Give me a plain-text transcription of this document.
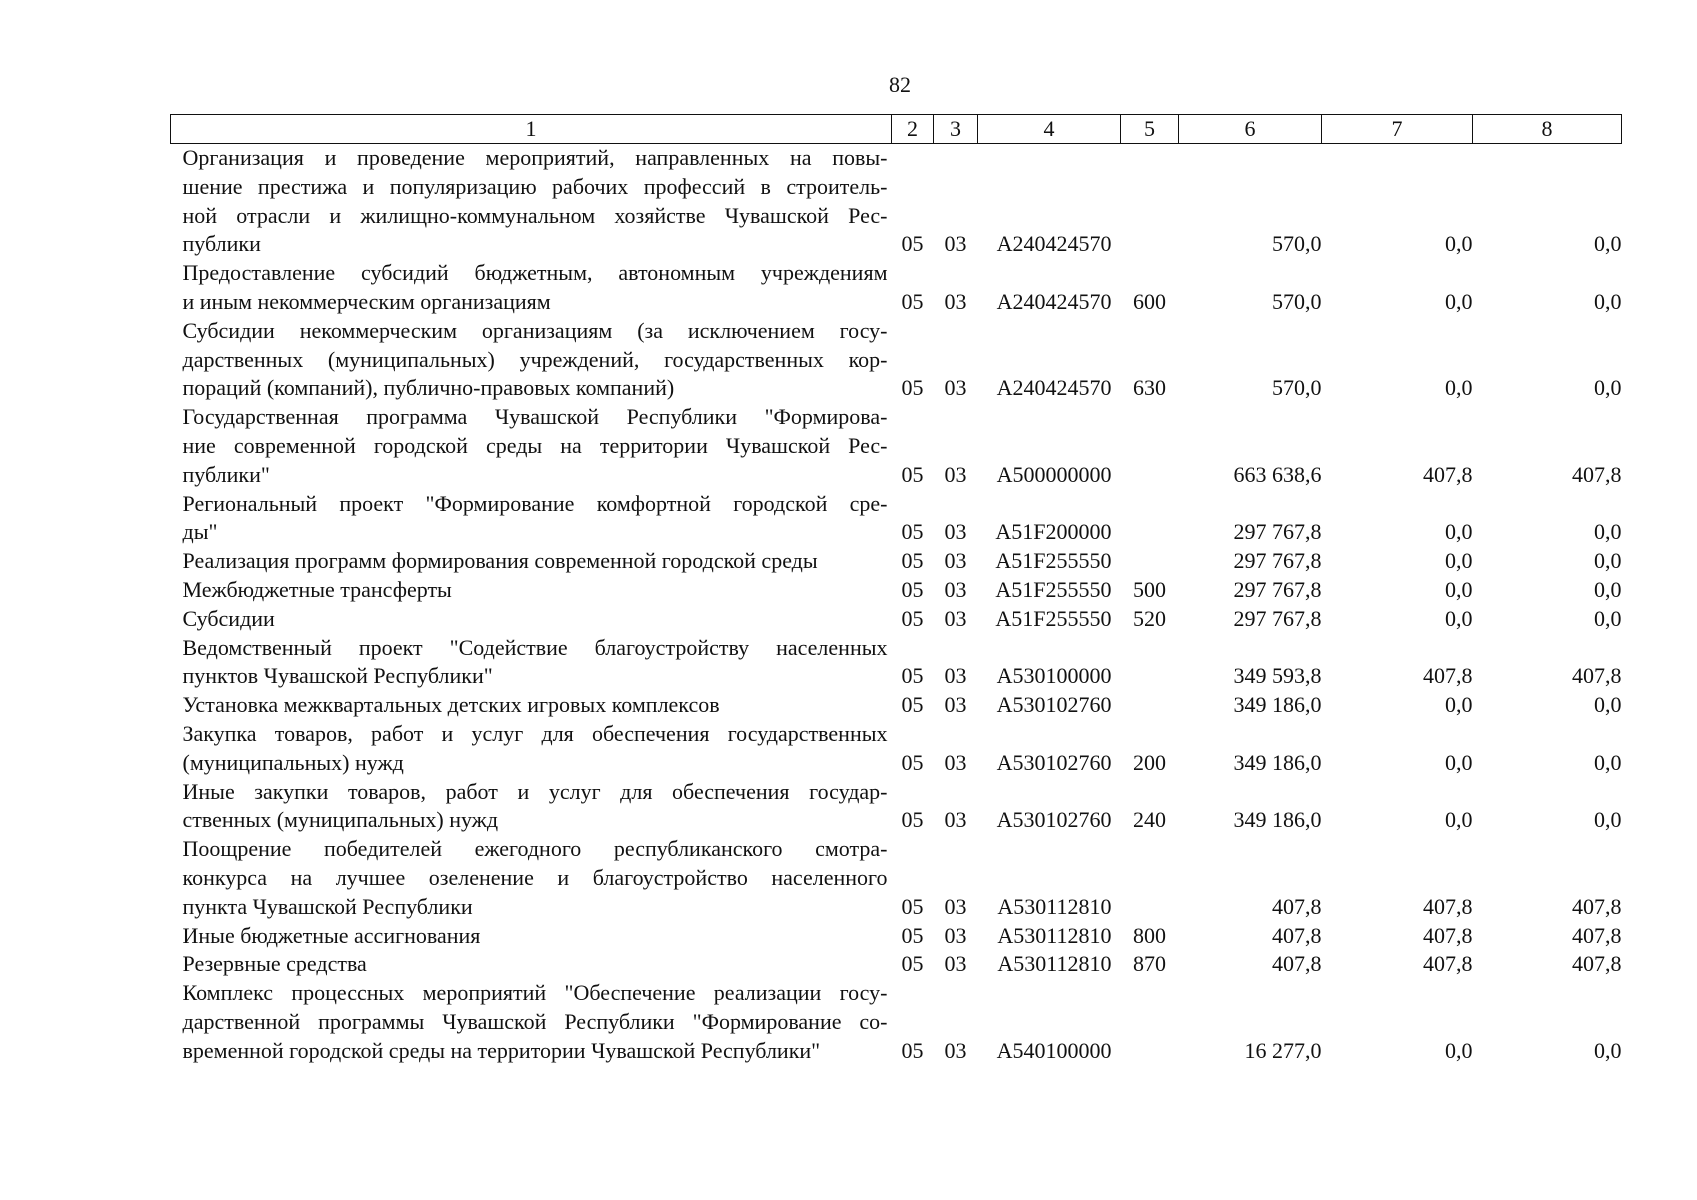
82
1	2	3	4	5	6	7	8

Организация и проведение мероприятий, направленных на повы-
шение престижа и популяризацию рабочих профессий в строитель-
ной отрасли и жилищно-коммунальном хозяйстве Чувашской Рес-
публики	05	03	А240424570		570,0	0,0	0,0

Предоставление субсидий бюджетным, автономным учреждениям
и иным некоммерческим организациям	05	03	А240424570	600	570,0	0,0	0,0

Субсидии некоммерческим организациям (за исключением госу-
дарственных (муниципальных) учреждений, государственных кор-
пораций (компаний), публично-правовых компаний)	05	03	А240424570	630	570,0	0,0	0,0

Государственная программа Чувашской Республики "Формирова-
ние современной городской среды на территории Чувашской Рес-
публики"	05	03	А500000000		663 638,6	407,8	407,8

Региональный проект "Формирование комфортной городской сре-
ды"	05	03	А51F200000		297 767,8	0,0	0,0

Реализация программ формирования современной городской среды	05	03	А51F255550		297 767,8	0,0	0,0

Межбюджетные трансферты	05	03	А51F255550	500	297 767,8	0,0	0,0

Субсидии	05	03	А51F255550	520	297 767,8	0,0	0,0

Ведомственный проект "Содействие благоустройству населенных
пунктов Чувашской Республики"	05	03	А530100000		349 593,8	407,8	407,8

Установка межквартальных детских игровых комплексов	05	03	А530102760		349 186,0	0,0	0,0

Закупка товаров, работ и услуг для обеспечения государственных
(муниципальных) нужд	05	03	А530102760	200	349 186,0	0,0	0,0

Иные закупки товаров, работ и услуг для обеспечения государ-
ственных (муниципальных) нужд	05	03	А530102760	240	349 186,0	0,0	0,0

Поощрение победителей ежегодного республиканского смотра-
конкурса на лучшее озеленение и благоустройство населенного
пункта Чувашской Республики	05	03	А530112810		407,8	407,8	407,8

Иные бюджетные ассигнования	05	03	А530112810	800	407,8	407,8	407,8

Резервные средства	05	03	А530112810	870	407,8	407,8	407,8

Комплекс процессных мероприятий "Обеспечение реализации госу-
дарственной программы Чувашской Республики "Формирование со-
временной городской среды на территории Чувашской Республики"	05	03	А540100000		16 277,0	0,0	0,0
